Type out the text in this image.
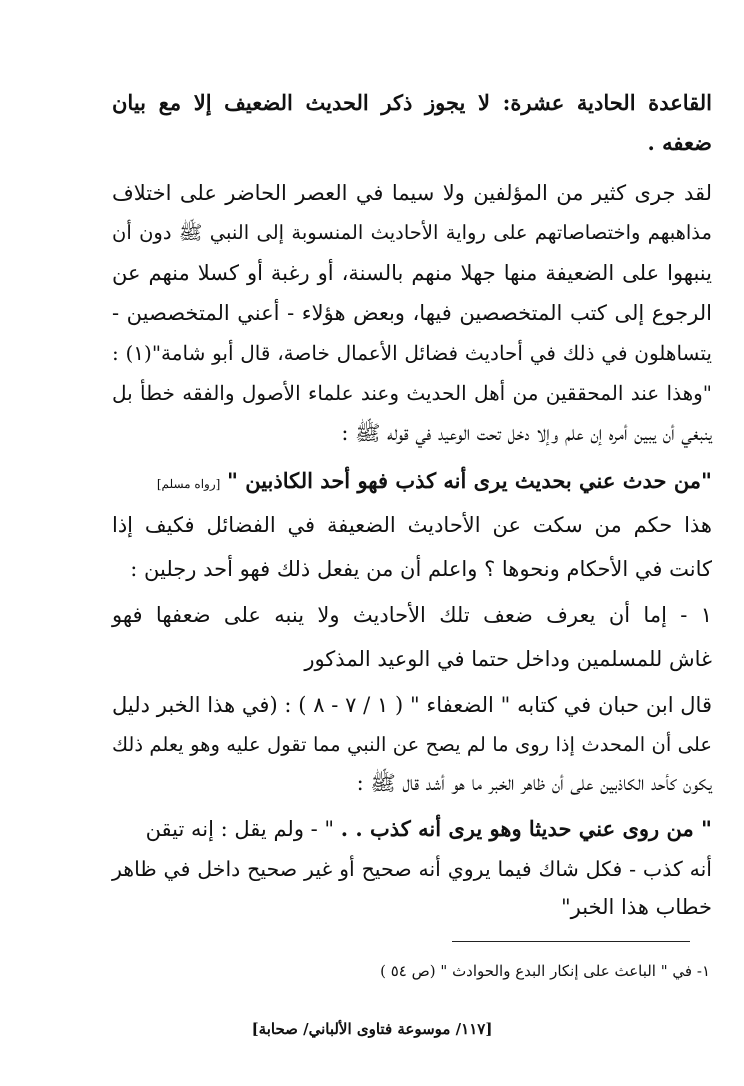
القاعدة الحادية عشرة: لا يجوز ذكر الحديث الضعيف إلا مع بيان
ضعفه .
لقد جرى كثير من المؤلفين ولا سيما في العصر الحاضر على اختلاف
مذاهبهم واختصاصاتهم على رواية الأحاديث المنسوبة إلى النبي ﷺ دون أن
ينبهوا على الضعيفة منها جهلا منهم بالسنة، أو رغبة أو كسلا منهم عن
الرجوع إلى كتب المتخصصين فيها، وبعض هؤلاء - أعني المتخصصين -
يتساهلون في ذلك في أحاديث فضائل الأعمال خاصة، قال أبو شامة"(١) :
"وهذا عند المحققين من أهل الحديث وعند علماء الأصول والفقه خطأ بل
ينبغي أن يبين أمره إن علم وإلا دخل تحت الوعيد في قوله ﷺ :
"من حدث عني بحديث يرى أنه كذب فهو أحد الكاذبين " [رواه مسلم]
هذا حكم من سكت عن الأحاديث الضعيفة في الفضائل فكيف إذا
كانت في الأحكام ونحوها ؟ واعلم أن من يفعل ذلك فهو أحد رجلين :
١ - إما أن يعرف ضعف تلك الأحاديث ولا ينبه على ضعفها فهو
غاش للمسلمين وداخل حتما في الوعيد المذكور
قال ابن حبان في كتابه " الضعفاء " ( ١ / ٧ - ٨ ) : (في هذا الخبر دليل
على أن المحدث إذا روى ما لم يصح عن النبي مما تقول عليه وهو يعلم ذلك
يكون كأحد الكاذبين على أن ظاهر الخبر ما هو أشد قال ﷺ :
" من روى عني حديثا وهو يرى أنه كذب . . " - ولم يقل : إنه تيقن
أنه كذب - فكل شاك فيما يروي أنه صحيح أو غير صحيح داخل في ظاهر
خطاب هذا الخبر"
١- في " الباعث على إنكار البدع والحوادث " (ص ٥٤ )
[١١٧/ موسوعة فتاوى الألباني/ صحابة]
